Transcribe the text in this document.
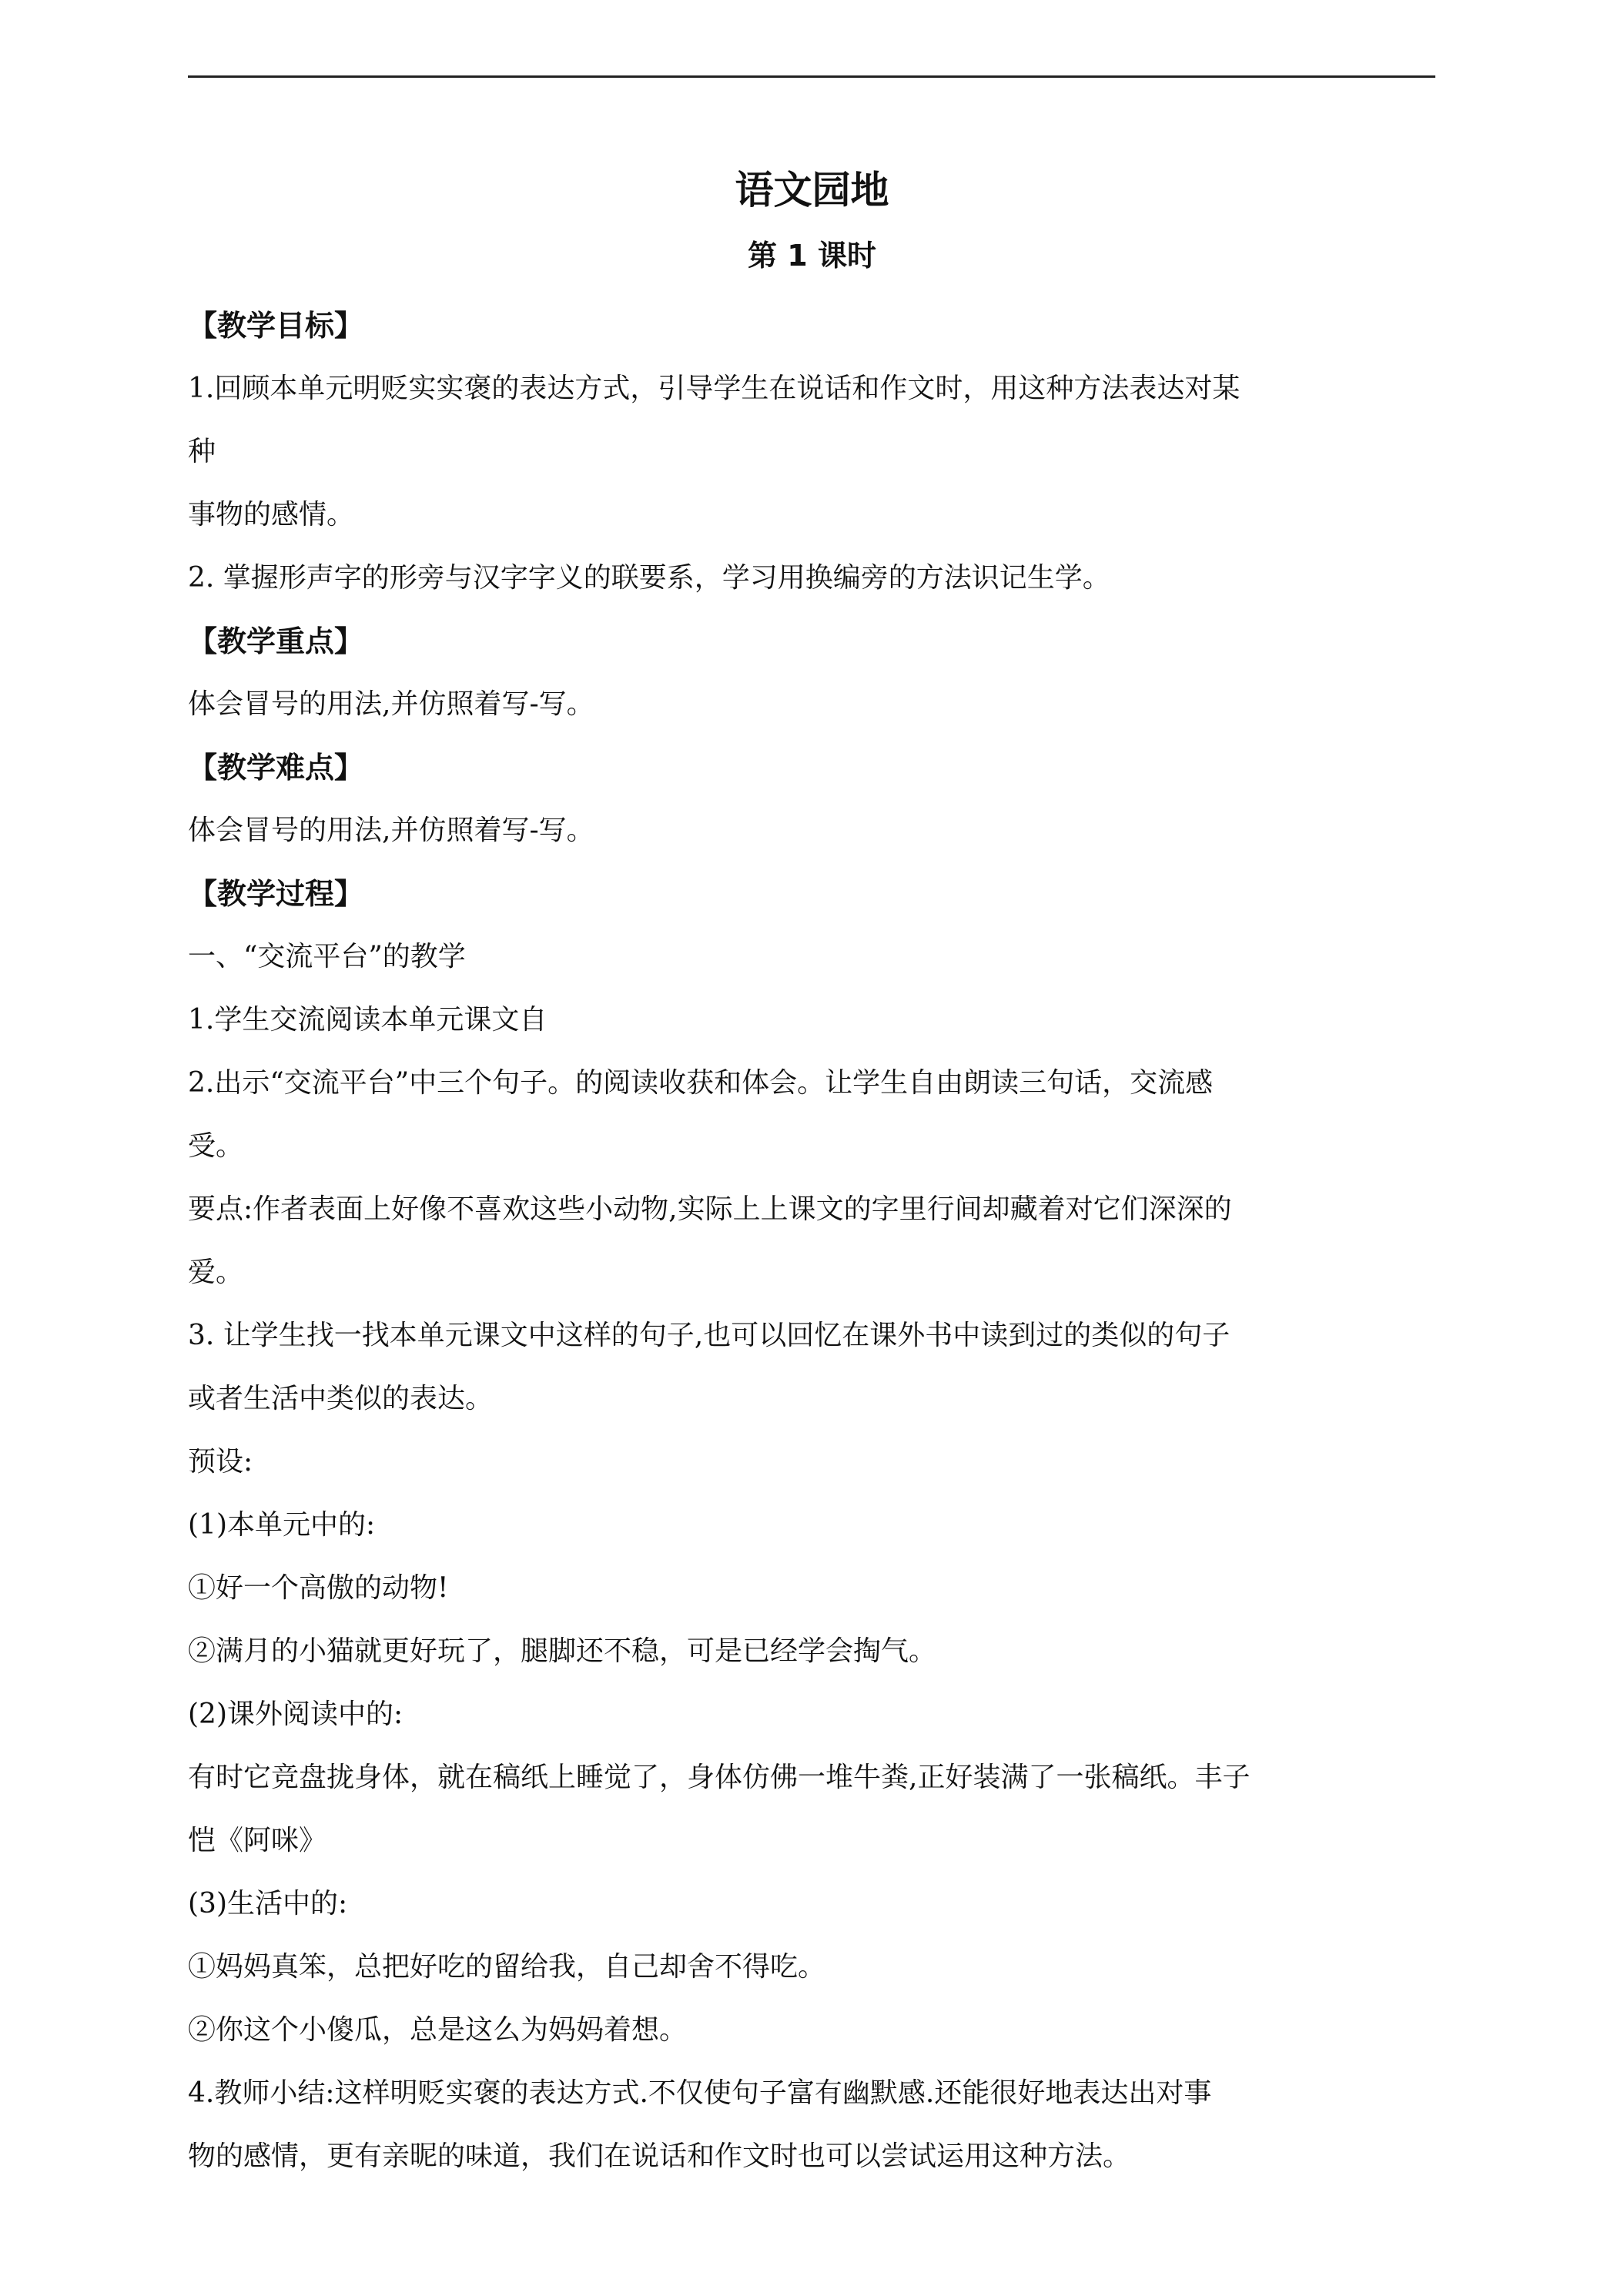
语文园地
第 1 课时
【教学目标】
1.回顾本单元明贬实实褒的表达方式，引导学生在说话和作文时，用这种方法表达对某
种
事物的感情。
2. 掌握形声字的形旁与汉字字义的联要系，学习用换编旁的方法识记生学。
【教学重点】
体会冒号的用法,并仿照着写-写。
【教学难点】
体会冒号的用法,并仿照着写-写。
【教学过程】
一、“交流平台”的教学
1.学生交流阅读本单元课文自
2.出示“交流平台”中三个句子。的阅读收获和体会。让学生自由朗读三句话，交流感
受。
要点:作者表面上好像不喜欢这些小动物,实际上上课文的字里行间却藏着对它们深深的
爱。
3. 让学生找一找本单元课文中这样的句子,也可以回忆在课外书中读到过的类似的句子
或者生活中类似的表达。
预设:
(1)本单元中的:
①好一个高傲的动物!
②满月的小猫就更好玩了，腿脚还不稳，可是已经学会掏气。
(2)课外阅读中的:
有时它竞盘拢身体，就在稿纸上睡觉了，身体仿佛一堆牛粪,正好装满了一张稿纸。丰子
恺《阿咪》
(3)生活中的:
①妈妈真笨，总把好吃的留给我，自己却舍不得吃。
②你这个小傻瓜，总是这么为妈妈着想。
4.教师小结:这样明贬实褒的表达方式.不仅使句子富有幽默感.还能很好地表达出对事
物的感情，更有亲昵的味道，我们在说话和作文时也可以尝试运用这种方法。
